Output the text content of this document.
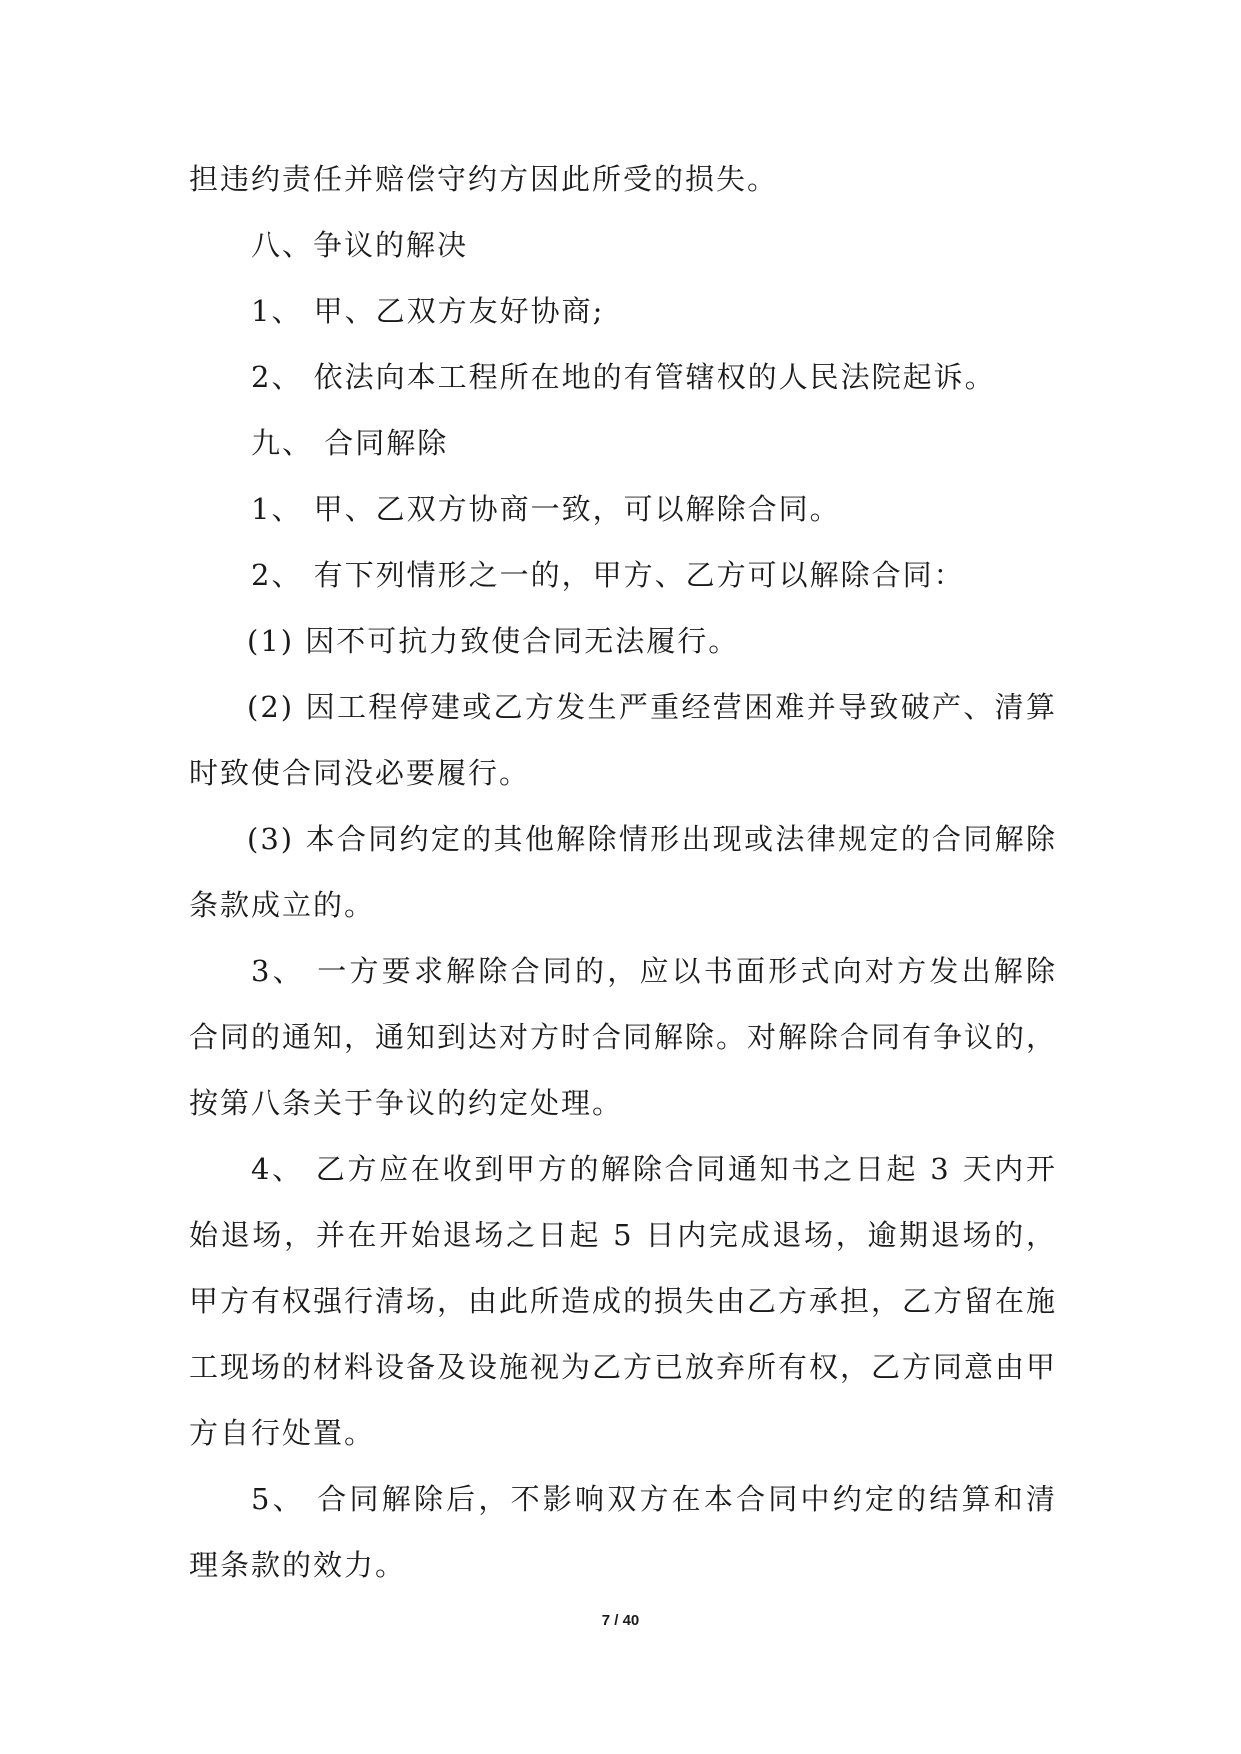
担违约责任并赔偿守约方因此所受的损失。

八、争议的解决

1、 甲、乙双方友好协商;

2、 依法向本工程所在地的有管辖权的人民法院起诉。

九、 合同解除

1、 甲、乙双方协商一致，可以解除合同。

2、 有下列情形之一的，甲方、乙方可以解除合同：

(1) 因不可抗力致使合同无法履行。

(2) 因工程停建或乙方发生严重经营困难并导致破产、清算时致使合同没必要履行。

(3) 本合同约定的其他解除情形出现或法律规定的合同解除条款成立的。

3、 一方要求解除合同的，应以书面形式向对方发出解除合同的通知，通知到达对方时合同解除。对解除合同有争议的，按第八条关于争议的约定处理。

4、 乙方应在收到甲方的解除合同通知书之日起 3 天内开始退场，并在开始退场之日起 5 日内完成退场，逾期退场的，甲方有权强行清场，由此所造成的损失由乙方承担，乙方留在施工现场的材料设备及设施视为乙方已放弃所有权，乙方同意由甲方自行处置。

5、 合同解除后，不影响双方在本合同中约定的结算和清理条款的效力。

7 / 40
